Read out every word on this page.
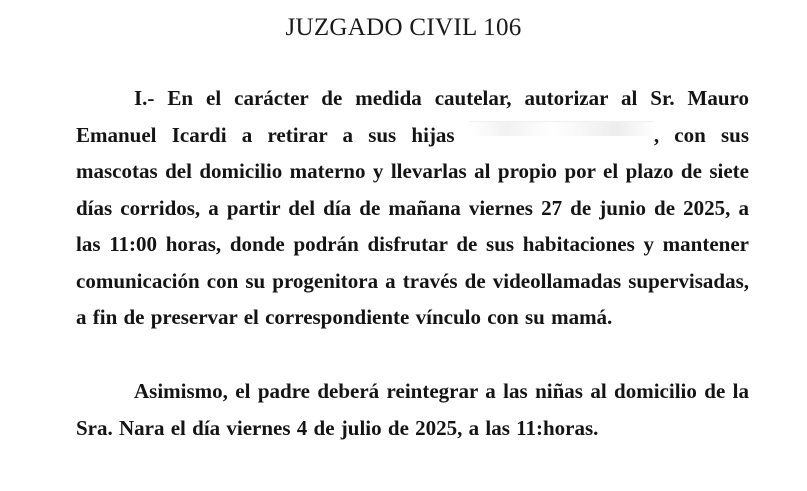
JUZGADO CIVIL 106
I.- En el carácter de medida cautelar, autorizar al Sr. Mauro Emanuel Icardi a retirar a sus hijas	, con sus mascotas del domicilio materno y llevarlas al propio por el plazo de siete días corridos, a partir del día de mañana viernes 27 de junio de 2025, a las 11:00 horas, donde podrán disfrutar de sus habitaciones y mantener comunicación con su progenitora a través de videollamadas supervisadas, a fin de preservar el correspondiente vínculo con su mamá.
Asimismo, el padre deberá reintegrar a las niñas al domicilio de la Sra. Nara el día viernes 4 de julio de 2025, a las 11:horas.
